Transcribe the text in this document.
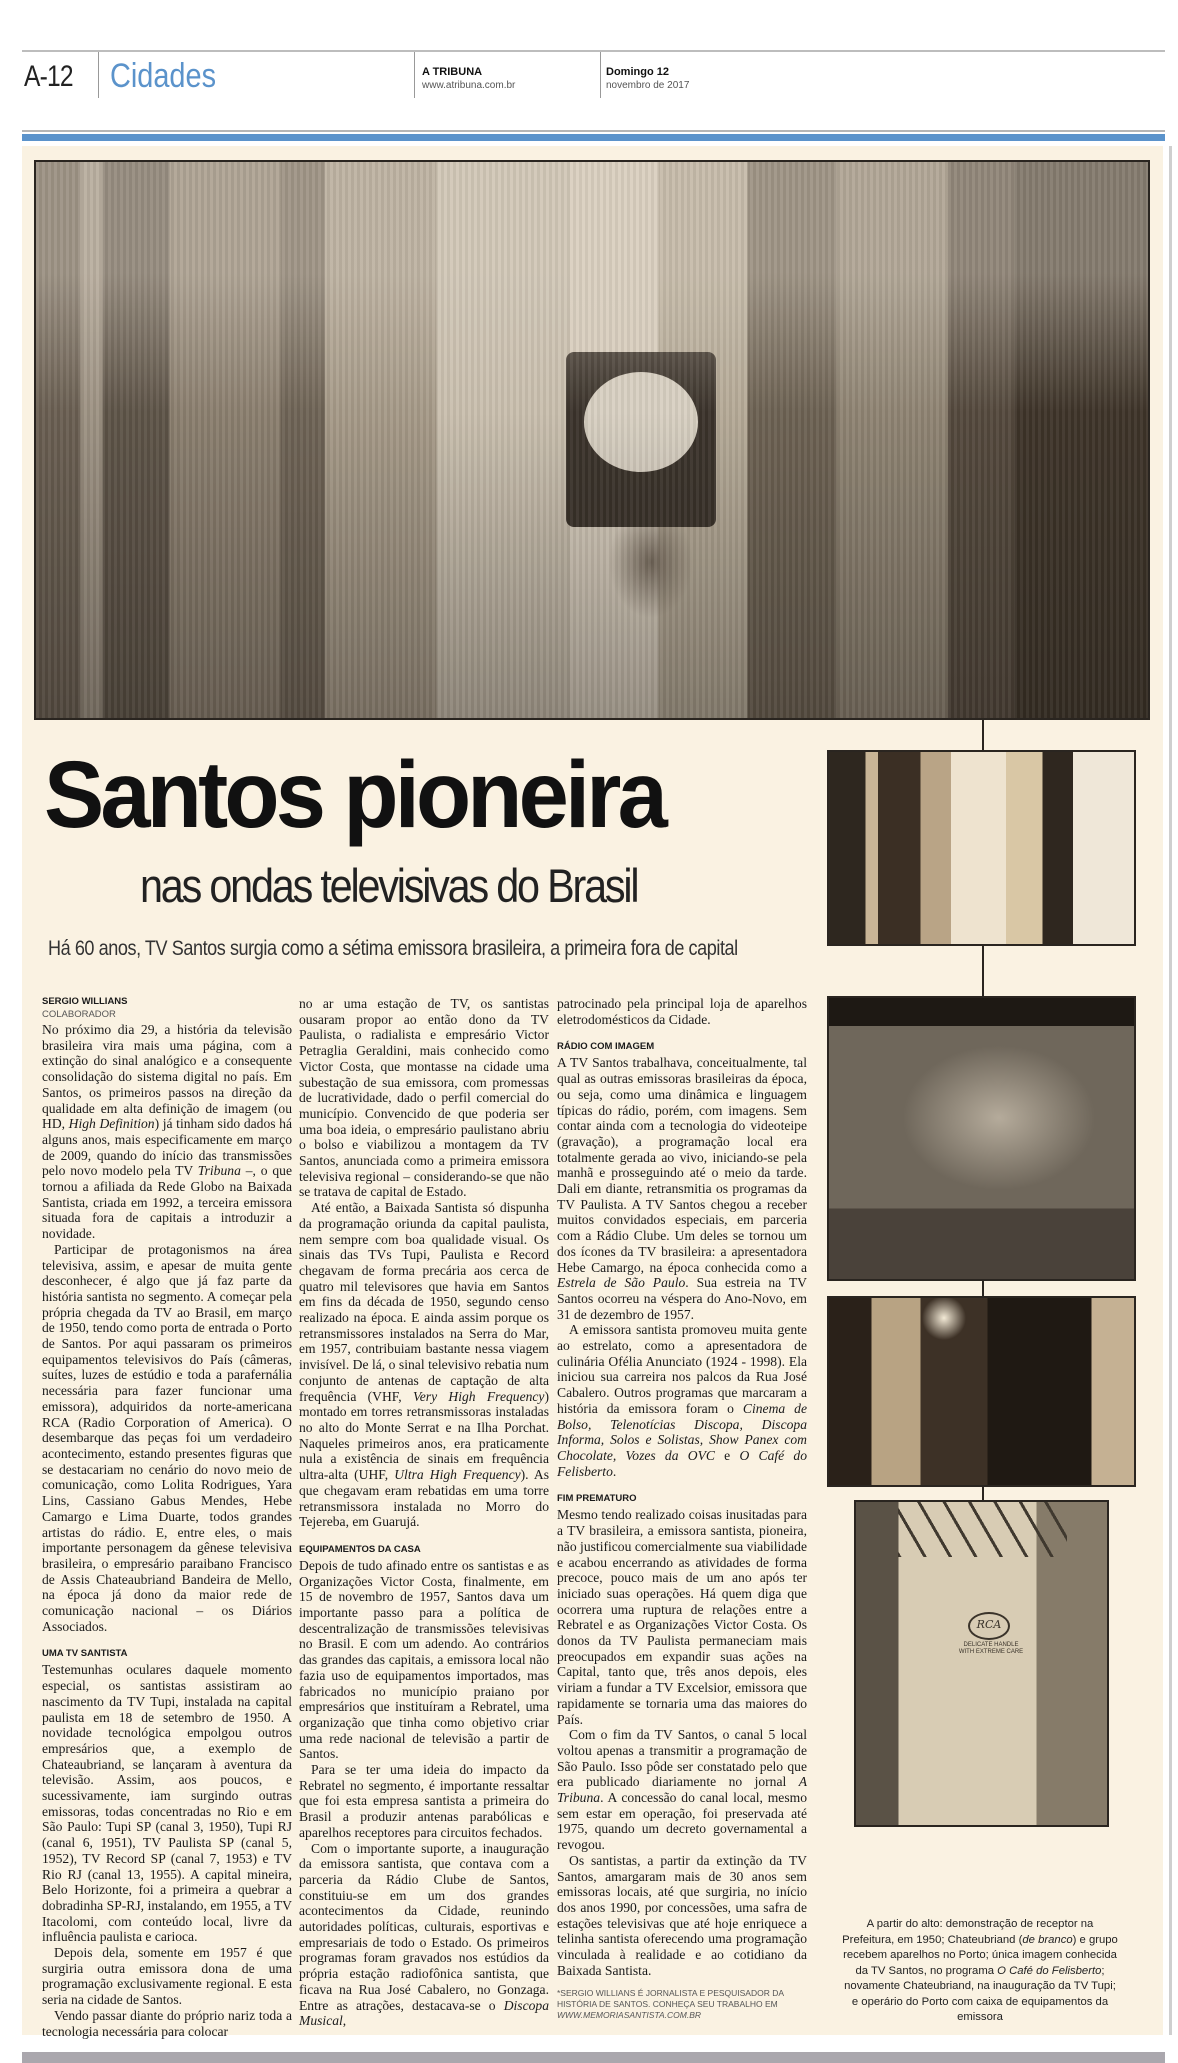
A-12 Cidades	A TRIBUNA
www.atribuna.com.br
Domingo 12
novembro de 2017
RCA
DELICATE HANDLE WITH EXTREME CARE
Santos pioneira
nas ondas televisivas do Brasil
Há 60 anos, TV Santos surgia como a sétima emissora brasileira, a primeira fora de capital
SERGIO WILLIANS
COLABORADOR

No próximo dia 29, a história da televisão brasileira vira mais uma página, com a extinção do sinal analógico e a consequente consolidação do sistema digital no país. Em Santos, os primeiros passos na direção da qualidade em alta definição de imagem (ou HD, High Definition) já tinham sido dados há alguns anos, mais especificamente em março de 2009, quando do início das transmissões pelo novo modelo pela TV Tribuna –, o que tornou a afiliada da Rede Globo na Baixada Santista, criada em 1992, a terceira emissora situada fora de capitais a introduzir a novidade.

Participar de protagonismos na área televisiva, assim, e apesar de muita gente desconhecer, é algo que já faz parte da história santista no segmento. A começar pela própria chegada da TV ao Brasil, em março de 1950, tendo como porta de entrada o Porto de Santos. Por aqui passaram os primeiros equipamentos televisivos do País (câmeras, suítes, luzes de estúdio e toda a parafernália necessária para fazer funcionar uma emissora), adquiridos da norte-americana RCA (Radio Corporation of America). O desembarque das peças foi um verdadeiro acontecimento, estando presentes figuras que se destacariam no cenário do novo meio de comunicação, como Lolita Rodrigues, Yara Lins, Cassiano Gabus Mendes, Hebe Camargo e Lima Duarte, todos grandes artistas do rádio. E, entre eles, o mais importante personagem da gênese televisiva brasileira, o empresário paraibano Francisco de Assis Chateaubriand Bandeira de Mello, na época já dono da maior rede de comunicação nacional – os Diários Associados.

UMA TV SANTISTA

Testemunhas oculares daquele momento especial, os santistas assistiram ao nascimento da TV Tupi, instalada na capital paulista em 18 de setembro de 1950. A novidade tecnológica empolgou outros empresários que, a exemplo de Chateaubriand, se lançaram à aventura da televisão. Assim, aos poucos, e sucessivamente, iam surgindo outras emissoras, todas concentradas no Rio e em São Paulo: Tupi SP (canal 3, 1950), Tupi RJ (canal 6, 1951), TV Paulista SP (canal 5, 1952), TV Record SP (canal 7, 1953) e TV Rio RJ (canal 13, 1955). A capital mineira, Belo Horizonte, foi a primeira a quebrar a dobradinha SP-RJ, instalando, em 1955, a TV Itacolomi, com conteúdo local, livre da influência paulista e carioca.

Depois dela, somente em 1957 é que surgiria outra emissora dona de uma programação exclusivamente regional. E esta seria na cidade de Santos.

Vendo passar diante do próprio nariz toda a tecnologia necessária para colocar

no ar uma estação de TV, os santistas ousaram propor ao então dono da TV Paulista, o radialista e empresário Victor Petraglia Geraldini, mais conhecido como Victor Costa, que montasse na cidade uma subestação de sua emissora, com promessas de lucratividade, dado o perfil comercial do município. Convencido de que poderia ser uma boa ideia, o empresário paulistano abriu o bolso e viabilizou a montagem da TV Santos, anunciada como a primeira emissora televisiva regional – considerando-se que não se tratava de capital de Estado.

Até então, a Baixada Santista só dispunha da programação oriunda da capital paulista, nem sempre com boa qualidade visual. Os sinais das TVs Tupi, Paulista e Record chegavam de forma precária aos cerca de quatro mil televisores que havia em Santos em fins da década de 1950, segundo censo realizado na época. E ainda assim porque os retransmissores instalados na Serra do Mar, em 1957, contribuiam bastante nessa viagem invisível. De lá, o sinal televisivo rebatia num conjunto de antenas de captação de alta frequência (VHF, Very High Frequency) montado em torres retransmissoras instaladas no alto do Monte Serrat e na Ilha Porchat. Naqueles primeiros anos, era praticamente nula a existência de sinais em frequência ultra-alta (UHF, Ultra High Frequency). As que chegavam eram rebatidas em uma torre retransmissora instalada no Morro do Tejereba, em Guarujá.

EQUIPAMENTOS DA CASA

Depois de tudo afinado entre os santistas e as Organizações Victor Costa, finalmente, em 15 de novembro de 1957, Santos dava um importante passo para a política de descentralização de transmissões televisivas no Brasil. E com um adendo. Ao contrários das grandes das capitais, a emissora local não fazia uso de equipamentos importados, mas fabricados no município praiano por empresários que instituíram a Rebratel, uma organização que tinha como objetivo criar uma rede nacional de televisão a partir de Santos.

Para se ter uma ideia do impacto da Rebratel no segmento, é importante ressaltar que foi esta empresa santista a primeira do Brasil a produzir antenas parabólicas e aparelhos receptores para circuitos fechados.

Com o importante suporte, a inauguração da emissora santista, que contava com a parceria da Rádio Clube de Santos, constituiu-se em um dos grandes acontecimentos da Cidade, reunindo autoridades políticas, culturais, esportivas e empresariais de todo o Estado. Os primeiros programas foram gravados nos estúdios da própria estação radiofônica santista, que ficava na Rua José Cabalero, no Gonzaga. Entre as atrações, destacava-se o Discopa Musical,

patrocinado pela principal loja de aparelhos eletrodomésticos da Cidade.

RÁDIO COM IMAGEM

A TV Santos trabalhava, conceitualmente, tal qual as outras emissoras brasileiras da época, ou seja, como uma dinâmica e linguagem típicas do rádio, porém, com imagens. Sem contar ainda com a tecnologia do videoteipe (gravação), a programação local era totalmente gerada ao vivo, iniciando-se pela manhã e prosseguindo até o meio da tarde. Dali em diante, retransmitia os programas da TV Paulista. A TV Santos chegou a receber muitos convidados especiais, em parceria com a Rádio Clube. Um deles se tornou um dos ícones da TV brasileira: a apresentadora Hebe Camargo, na época conhecida como a Estrela de São Paulo. Sua estreia na TV Santos ocorreu na véspera do Ano-Novo, em 31 de dezembro de 1957.

A emissora santista promoveu muita gente ao estrelato, como a apresentadora de culinária Ofélia Anunciato (1924 - 1998). Ela iniciou sua carreira nos palcos da Rua José Cabalero. Outros programas que marcaram a história da emissora foram o Cinema de Bolso, Telenotícias Discopa, Discopa Informa, Solos e Solistas, Show Panex com Chocolate, Vozes da OVC e O Café do Felisberto.

FIM PREMATURO

Mesmo tendo realizado coisas inusitadas para a TV brasileira, a emissora santista, pioneira, não justificou comercialmente sua viabilidade e acabou encerrando as atividades de forma precoce, pouco mais de um ano após ter iniciado suas operações. Há quem diga que ocorrera uma ruptura de relações entre a Rebratel e as Organizações Victor Costa. Os donos da TV Paulista permaneciam mais preocupados em expandir suas ações na Capital, tanto que, três anos depois, eles viriam a fundar a TV Excelsior, emissora que rapidamente se tornaria uma das maiores do País.

Com o fim da TV Santos, o canal 5 local voltou apenas a transmitir a programação de São Paulo. Isso pôde ser constatado pelo que era publicado diariamente no jornal A Tribuna. A concessão do canal local, mesmo sem estar em operação, foi preservada até 1975, quando um decreto governamental a revogou.

Os santistas, a partir da extinção da TV Santos, amargaram mais de 30 anos sem emissoras locais, até que surgiria, no início dos anos 1990, por concessões, uma safra de estações televisivas que até hoje enriquece a telinha santista oferecendo uma programação vinculada à realidade e ao cotidiano da Baixada Santista.

*SERGIO WILLIANS É JORNALISTA E PESQUISADOR DA HISTÓRIA DE SANTOS. CONHEÇA SEU TRABALHO EM WWW.MEMORIASANTISTA.COM.BR
A partir do alto: demonstração de receptor na Prefeitura, em 1950; Chateubriand (de branco) e grupo recebem aparelhos no Porto; única imagem conhecida da TV Santos, no programa O Café do Felisberto; novamente Chateubriand, na inauguração da TV Tupi; e operário do Porto com caixa de equipamentos da emissora
